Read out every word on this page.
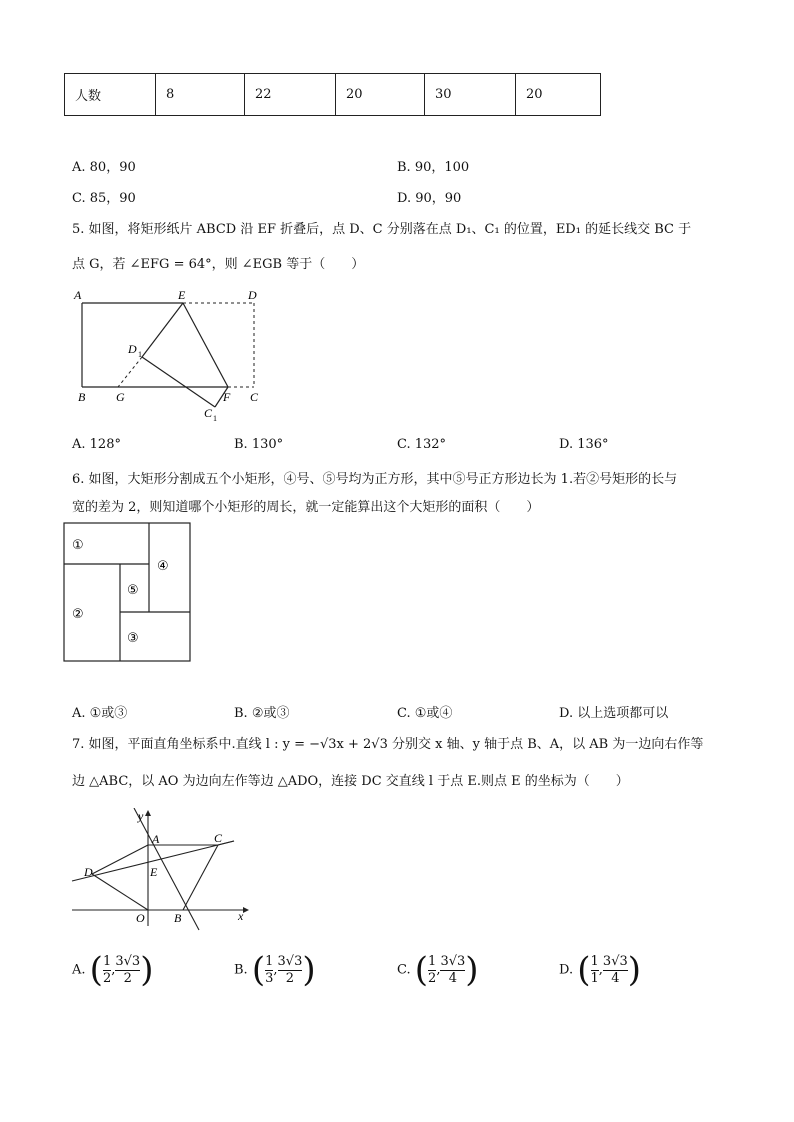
人数	8	22	20	30	20
A. 80，90	B. 90，100
C. 85，90	D. 90，90
5. 如图，将矩形纸片 ABCD 沿 EF 折叠后，点 D、C 分别落在点 D₁、C₁ 的位置，ED₁ 的延长线交 BC 于
点 G，若 ∠EFG = 64°，则 ∠EGB 等于（　　）
A	E	D
D 1
B	G	F C
C 1
A. 128°	B. 130°	C. 132°	D. 136°
6. 如图，大矩形分割成五个小矩形，④号、⑤号均为正方形，其中⑤号正方形边长为 1.若②号矩形的长与
宽的差为 2，则知道哪个小矩形的周长，就一定能算出这个大矩形的面积（　　）
①
④
⑤
②
③
A. ①或③	B. ②或③	C. ①或④	D. 以上选项都可以
7. 如图，平面直角坐标系中.直线 l : y = −√3x + 2√3 分别交 x 轴、y 轴于点 B、A，以 AB 为一边向右作等
边 △ABC，以 AO 为边向左作等边 △ADO，连接 DC 交直线 l 于点 E.则点 E 的坐标为（　　）
y
A	C
D	E
O B	x
A. ( $\frac{1}{2}$ , $\frac{3√3}{2}$ )	B. ( $\frac{1}{3}$ , $\frac{3√3}{2}$ )	C. ( $\frac{1}{2}$ , $\frac{3√3}{4}$ )	D. ( $\frac{1}{1}$ , $\frac{3√3}{4}$ )
